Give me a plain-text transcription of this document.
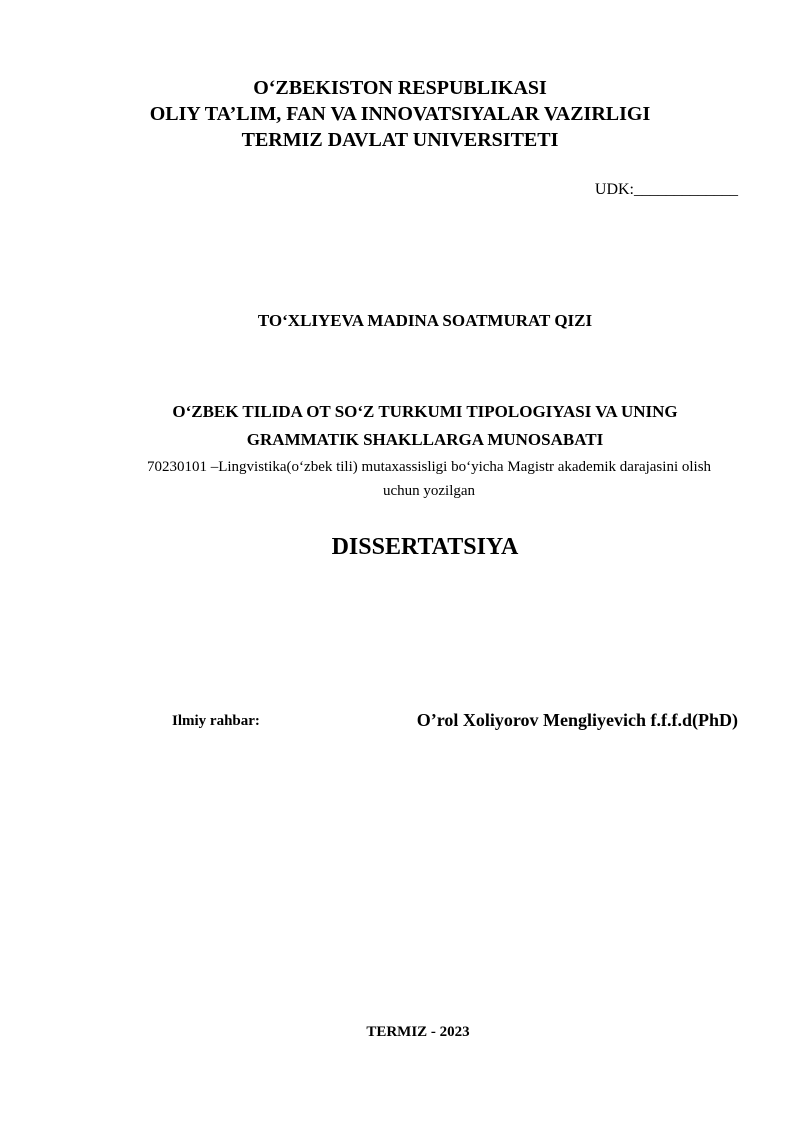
O‘ZBEKISTON RESPUBLIKASI
OLIY TA’LIM, FAN VA INNOVATSIYALAR VAZIRLIGI
TERMIZ DAVLAT UNIVERSITETI
UDK:_____________
TO‘XLIYEVA MADINA SOATMURAT QIZI
O‘ZBEK TILIDA OT SO‘Z TURKUMI TIPOLOGIYASI VA UNING
GRAMMATIK SHAKLLARGA MUNOSABATI
70230101 –Lingvistika(o‘zbek tili) mutaxassisligi bo‘yicha Magistr akademik darajasini olish
uchun yozilgan
DISSERTATSIYA
Ilmiy rahbar:	O’rol Xoliyorov Mengliyevich f.f.f.d(PhD)
TERMIZ - 2023
